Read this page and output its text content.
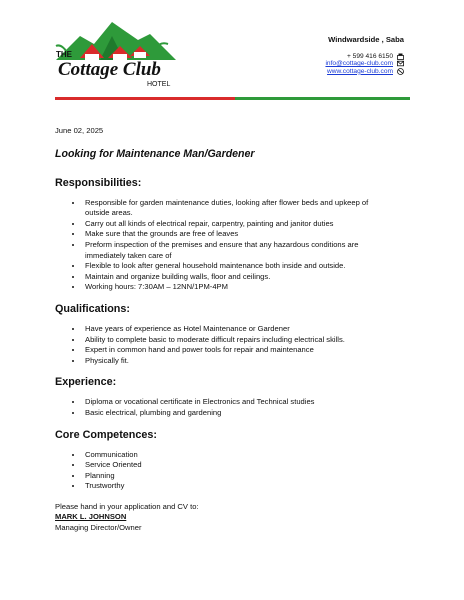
THE
Cottage Club
HOTEL
Windwardside , Saba
+ 599 416 6150
info@cottage-club.com
www.cottage-club.com
June 02, 2025
Looking for Maintenance Man/Gardener
Responsibilities:
• Responsible for garden maintenance duties, looking after flower beds and upkeep of outside areas.
• Carry out all kinds of electrical repair, carpentry, painting and janitor duties
• Make sure that the grounds are free of leaves
• Preform inspection of the premises and ensure that any hazardous conditions are immediately taken care of
• Flexible to look after general household maintenance both inside and outside.
• Maintain and organize building walls, floor and ceilings.
• Working hours: 7:30AM – 12NN/1PM-4PM
Qualifications:
• Have years of experience as Hotel Maintenance or Gardener
• Ability to complete basic to moderate difficult repairs including electrical skills.
• Expert in common hand and power tools for repair and maintenance
• Physically fit.
Experience:
• Diploma or vocational certificate in Electronics and Technical studies
• Basic electrical, plumbing and gardening
Core Competences:
• Communication
• Service Oriented
• Planning
• Trustworthy
Please hand in your application and CV to:
MARK L. JOHNSON
Managing Director/Owner
